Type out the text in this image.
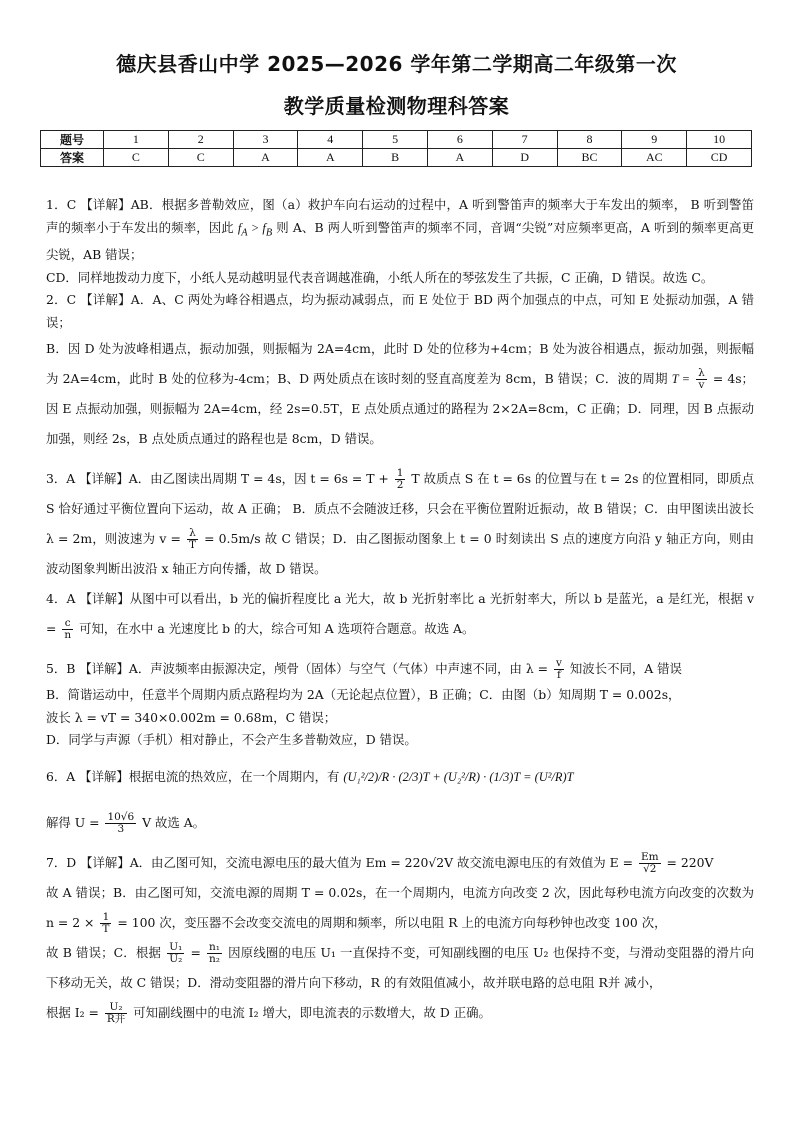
德庆县香山中学 2025—2026 学年第二学期高二年级第一次
教学质量检测物理科答案
题号	1	2	3	4	5	6	7	8	9	10
答案	C	C	A	A	B	A	D	BC	AC	CD

1．C 【详解】AB．根据多普勒效应，图（a）救护车向右运动的过程中，A 听到警笛声的频率大于车发出的频率， B 听到警笛声的频率小于车发出的频率，因此 $f_A > f_B$ 则 A、B 两人听到警笛声的频率不同，音调“尖锐”对应频率更高，A 听到的频率更高更尖锐，AB 错误；

CD．同样地拨动力度下，小纸人晃动越明显代表音调越准确，小纸人所在的琴弦发生了共振，C 正确，D 错误。故选 C。

2．C 【详解】A．A、C 两处为峰谷相遇点，均为振动减弱点，而 E 处位于 BD 两个加强点的中点，可知 E 处振动加强，A 错误；

B．因 D 处为波峰相遇点，振动加强，则振幅为 2A=4cm，此时 D 处的位移为+4cm；B 处为波谷相遇点，振动加强，则振幅为 2A=4cm，此时 B 处的位移为-4cm；B、D 两处质点在该时刻的竖直高度差为 8cm，B 错误；C．波的周期 $T = \frac{\lambda}{v} = 4s$；因 E 点振动加强，则振幅为 2A=4cm，经 2s=0.5T，E 点处质点通过的路程为 2×2A=8cm，C 正确；D．同理，因 B 点振动加强，则经 2s，B 点处质点通过的路程也是 8cm，D 错误。

3．A 【详解】A．由乙图读出周期 T = 4s，因 $t = 6s = T + \frac{1}{2}$ T 故质点 S 在 t = 6s 的位置与在 t = 2s 的位置相同，即质点 S 恰好通过平衡位置向下运动，故 A 正确； B．质点不会随波迁移，只会在平衡位置附近振动，故 B 错误；C．由甲图读出波长 λ = 2m，则波速为 $v = \frac{\lambda}{T} = 0.5m/s$ 故 C 错误；D．由乙图振动图象上 t = 0 时刻读出 S 点的速度方向沿 y 轴正方向，则由波动图象判断出波沿 x 轴正方向传播，故 D 错误。

4．A 【详解】从图中可以看出，b 光的偏折程度比 a 光大，故 b 光折射率比 a 光折射率大，所以 b 是蓝光，a 是红光，根据 $v = \frac{c}{n}$ 可知，在水中 a 光速度比 b 的大，综合可知 A 选项符合题意。故选 A。

5．B 【详解】A．声波频率由振源决定，颅骨（固体）与空气（气体）中声速不同，由 $\lambda = \frac{v}{f}$ 知波长不同，A 错误

B．简谐运动中，任意半个周期内质点路程均为 2A（无论起点位置），B 正确；C．由图（b）知周期 T = 0.002s，

波长 λ = vT = 340×0.002m = 0.68m，C 错误；

D．同学与声源（手机）相对静止，不会产生多普勒效应，D 错误。

6．A 【详解】根据电流的热效应，在一个周期内，有 (U₁²/2)/R · (2/3)T + (U₂²/R) · (1/3)T = (U²/R)T

解得 $U = \frac{10√6}{3}$ V 故选 A。

7．D 【详解】A．由乙图可知，交流电源电压的最大值为 Em = 220√2V 故交流电源电压的有效值为 $E = \frac{Em}{√2} = 220V$

故 A 错误；B．由乙图可知，交流电源的周期 T = 0.02s，在一个周期内，电流方向改变 2 次，因此每秒电流方向改变的次数为 $n = 2 \times \frac{1}{T} = 100$ 次，变压器不会改变交流电的周期和频率，所以电阻 R 上的电流方向每秒钟也改变 100 次，

故 B 错误；C．根据 $\frac{\text{U₁}}{\text{U₂}} = \frac{\text{n₁}}{\text{n₂}}$ 因原线圈的电压 U₁ 一直保持不变，可知副线圈的电压 U₂ 也保持不变，与滑动变阻器的滑片向下移动无关，故 C 错误；D．滑动变阻器的滑片向下移动，R 的有效阻值减小，故并联电路的总电阻 R并 减小，

根据 $I_2 = \frac{\text{U₂}}{\text{R并}}$ 可知副线圈中的电流 I₂ 增大，即电流表的示数增大，故 D 正确。
